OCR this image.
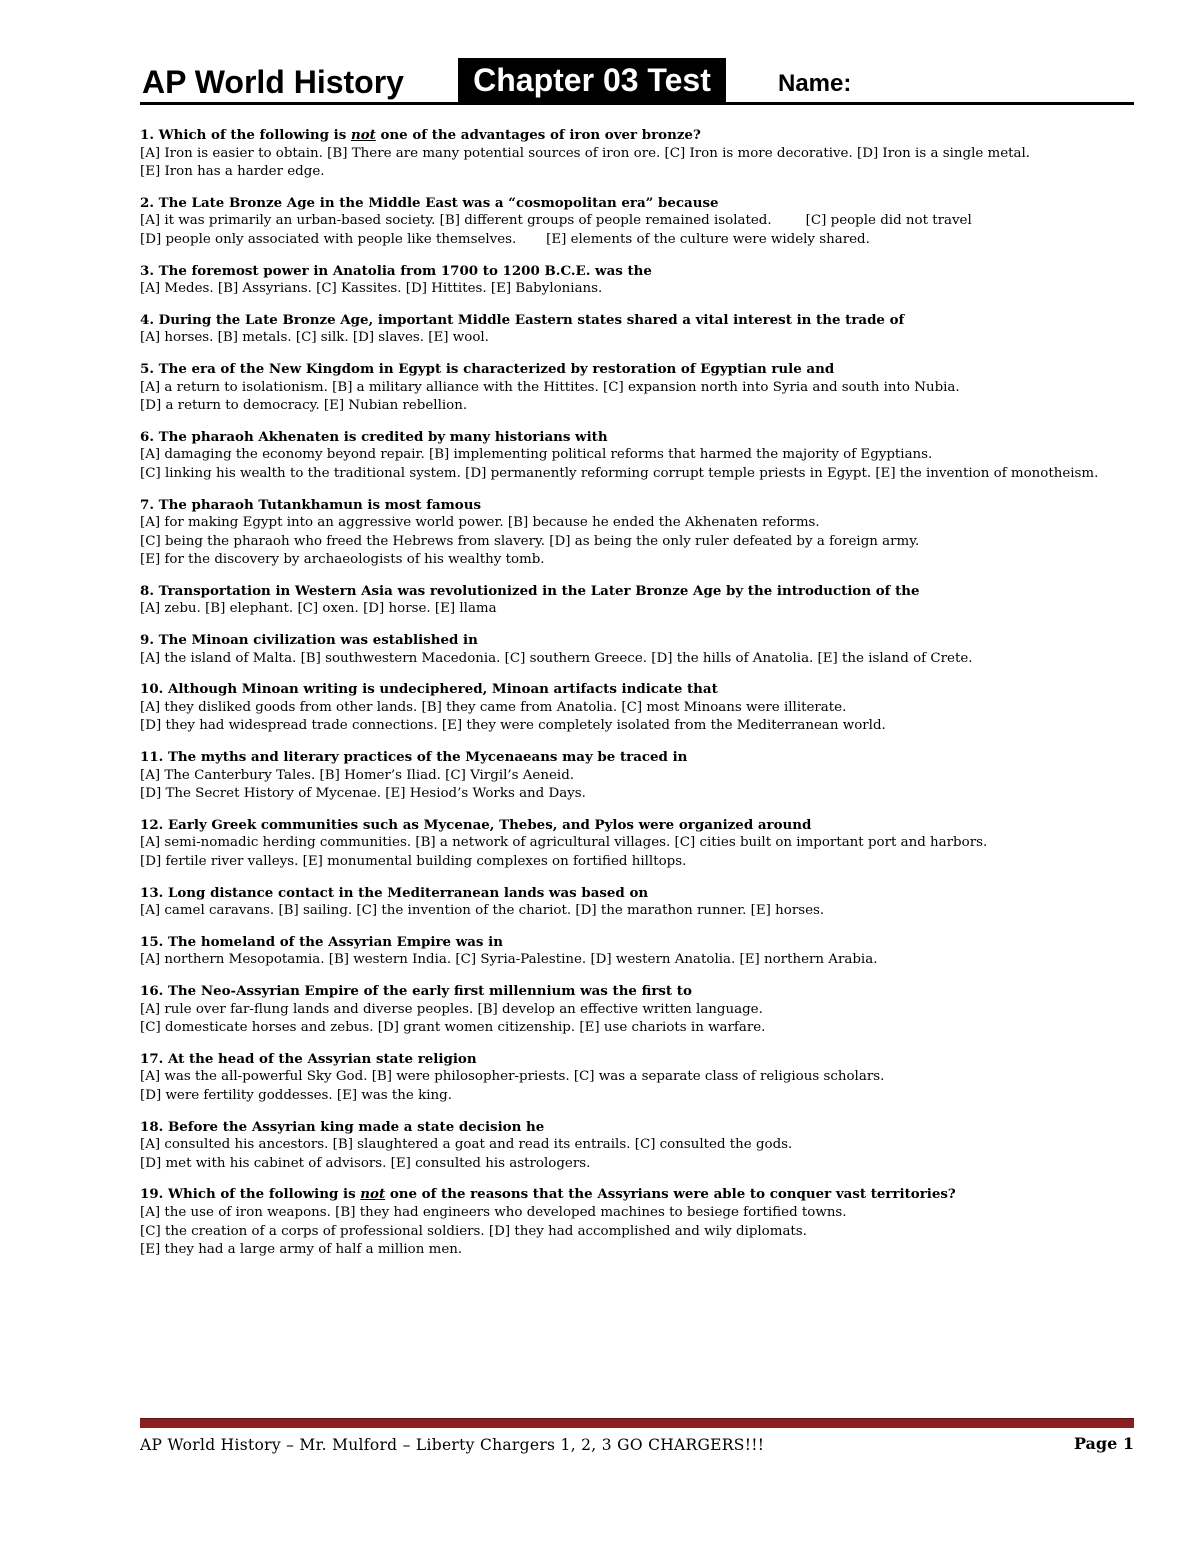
AP World History	Chapter 03 Test	Name:
1. Which of the following is not one of the advantages of iron over bronze?
[A] Iron is easier to obtain. [B] There are many potential sources of iron ore. [C] Iron is more decorative. [D] Iron is a single metal.
[E] Iron has a harder edge.
2. The Late Bronze Age in the Middle East was a “cosmopolitan era” because
[A] it was primarily an urban-based society. [B] different groups of people remained isolated.        [C] people did not travel
[D] people only associated with people like themselves.       [E] elements of the culture were widely shared.
3. The foremost power in Anatolia from 1700 to 1200 B.C.E. was the
[A] Medes. [B] Assyrians. [C] Kassites. [D] Hittites. [E] Babylonians.
4. During the Late Bronze Age, important Middle Eastern states shared a vital interest in the trade of
[A] horses. [B] metals. [C] silk. [D] slaves. [E] wool.
5. The era of the New Kingdom in Egypt is characterized by restoration of Egyptian rule and
[A] a return to isolationism. [B] a military alliance with the Hittites. [C] expansion north into Syria and south into Nubia.
[D] a return to democracy. [E] Nubian rebellion.
6. The pharaoh Akhenaten is credited by many historians with
[A] damaging the economy beyond repair. [B] implementing political reforms that harmed the majority of Egyptians.
[C] linking his wealth to the traditional system. [D] permanently reforming corrupt temple priests in Egypt. [E] the invention of monotheism.
7. The pharaoh Tutankhamun is most famous
[A] for making Egypt into an aggressive world power. [B] because he ended the Akhenaten reforms.
[C] being the pharaoh who freed the Hebrews from slavery. [D] as being the only ruler defeated by a foreign army.
[E] for the discovery by archaeologists of his wealthy tomb.
8. Transportation in Western Asia was revolutionized in the Later Bronze Age by the introduction of the
[A] zebu. [B] elephant. [C] oxen. [D] horse. [E] llama
9. The Minoan civilization was established in
[A] the island of Malta. [B] southwestern Macedonia. [C] southern Greece. [D] the hills of Anatolia. [E] the island of Crete.
10. Although Minoan writing is undeciphered, Minoan artifacts indicate that
[A] they disliked goods from other lands. [B] they came from Anatolia. [C] most Minoans were illiterate.
[D] they had widespread trade connections. [E] they were completely isolated from the Mediterranean world.
11. The myths and literary practices of the Mycenaeans may be traced in
[A] The Canterbury Tales. [B] Homer’s Iliad. [C] Virgil’s Aeneid.
[D] The Secret History of Mycenae. [E] Hesiod’s Works and Days.
12. Early Greek communities such as Mycenae, Thebes, and Pylos were organized around
[A] semi-nomadic herding communities. [B] a network of agricultural villages. [C] cities built on important port and harbors.
[D] fertile river valleys. [E] monumental building complexes on fortified hilltops.
13. Long distance contact in the Mediterranean lands was based on
[A] camel caravans. [B] sailing. [C] the invention of the chariot. [D] the marathon runner. [E] horses.
15. The homeland of the Assyrian Empire was in
[A] northern Mesopotamia. [B] western India. [C] Syria-Palestine. [D] western Anatolia. [E] northern Arabia.
16. The Neo-Assyrian Empire of the early first millennium was the first to
[A] rule over far-flung lands and diverse peoples. [B] develop an effective written language.
[C] domesticate horses and zebus. [D] grant women citizenship. [E] use chariots in warfare.
17. At the head of the Assyrian state religion
[A] was the all-powerful Sky God. [B] were philosopher-priests. [C] was a separate class of religious scholars.
[D] were fertility goddesses. [E] was the king.
18. Before the Assyrian king made a state decision he
[A] consulted his ancestors. [B] slaughtered a goat and read its entrails. [C] consulted the gods.
[D] met with his cabinet of advisors. [E] consulted his astrologers.
19. Which of the following is not one of the reasons that the Assyrians were able to conquer vast territories?
[A] the use of iron weapons. [B] they had engineers who developed machines to besiege fortified towns.
[C] the creation of a corps of professional soldiers. [D] they had accomplished and wily diplomats.
[E] they had a large army of half a million men.
AP World History – Mr. Mulford – Liberty Chargers 1, 2, 3 GO CHARGERS!!!	Page 1
